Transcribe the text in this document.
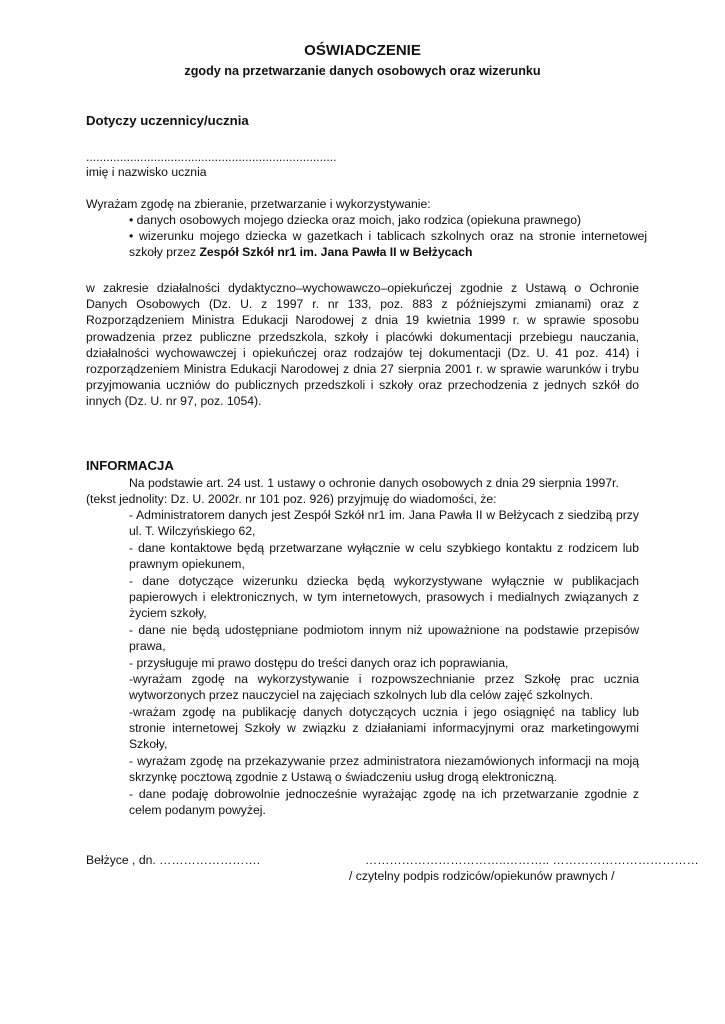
OŚWIADCZENIE
zgody na przetwarzanie danych osobowych oraz wizerunku
Dotyczy uczennicy/ucznia
..........................................................................
imię i nazwisko ucznia
Wyrażam zgodę na zbieranie, przetwarzanie i wykorzystywanie:
• danych osobowych mojego dziecka oraz moich, jako rodzica (opiekuna prawnego)
• wizerunku mojego dziecka w gazetkach i tablicach szkolnych oraz na stronie internetowej
szkoły przez Zespół Szkół nr1 im. Jana Pawła II w Bełżycach
w zakresie działalności dydaktyczno–wychowawczo–opiekuńczej zgodnie z Ustawą o Ochronie Danych Osobowych (Dz. U. z 1997 r. nr 133, poz. 883 z późniejszymi zmianami) oraz z Rozporządzeniem Ministra Edukacji Narodowej z dnia 19 kwietnia 1999 r. w sprawie sposobu prowadzenia przez publiczne przedszkola, szkoły i placówki dokumentacji przebiegu nauczania, działalności wychowawczej i opiekuńczej oraz rodzajów tej dokumentacji (Dz. U. 41 poz. 414) i rozporządzeniem Ministra Edukacji Narodowej z dnia 27 sierpnia 2001 r. w sprawie warunków i trybu przyjmowania uczniów do publicznych przedszkoli i szkoły oraz przechodzenia z jednych szkół do innych (Dz. U. nr 97, poz. 1054).
INFORMACJA
Na podstawie art. 24 ust. 1 ustawy o ochronie danych osobowych z dnia 29 sierpnia 1997r.
(tekst jednolity: Dz. U. 2002r. nr 101 poz. 926) przyjmuję do wiadomości, że:
- Administratorem danych jest Zespół Szkół nr1 im. Jana Pawła II w Bełżycach z siedzibą przy ul. T. Wilczyńskiego 62,
- dane kontaktowe będą przetwarzane wyłącznie w celu szybkiego kontaktu z rodzicem lub prawnym opiekunem,
- dane dotyczące wizerunku dziecka będą wykorzystywane wyłącznie w publikacjach papierowych i elektronicznych, w tym internetowych, prasowych i medialnych związanych z życiem szkoły,
- dane nie będą udostępniane podmiotom innym niż upoważnione na podstawie przepisów prawa,
- przysługuje mi prawo dostępu do treści danych oraz ich poprawiania,
-wyrażam zgodę na wykorzystywanie i rozpowszechnianie przez Szkołę prac ucznia wytworzonych przez nauczyciel na zajęciach szkolnych lub dla celów zajęć szkolnych.
-wrażam zgodę na publikację danych dotyczących ucznia i jego osiągnięć na tablicy lub stronie internetowej Szkoły w związku z działaniami informacyjnymi oraz marketingowymi Szkoły,
- wyrażam zgodę na przekazywanie przez administratora niezamówionych informacji na moją skrzynkę pocztową zgodnie z Ustawą o świadczeniu usług drogą elektroniczną.
- dane podaję dobrowolnie jednocześnie wyrażając zgodę na ich przetwarzanie zgodnie z celem podanym powyżej.
Bełżyce , dn. …………………….	……………………………..……….. ………………………………
/ czytelny podpis rodziców/opiekunów prawnych /
